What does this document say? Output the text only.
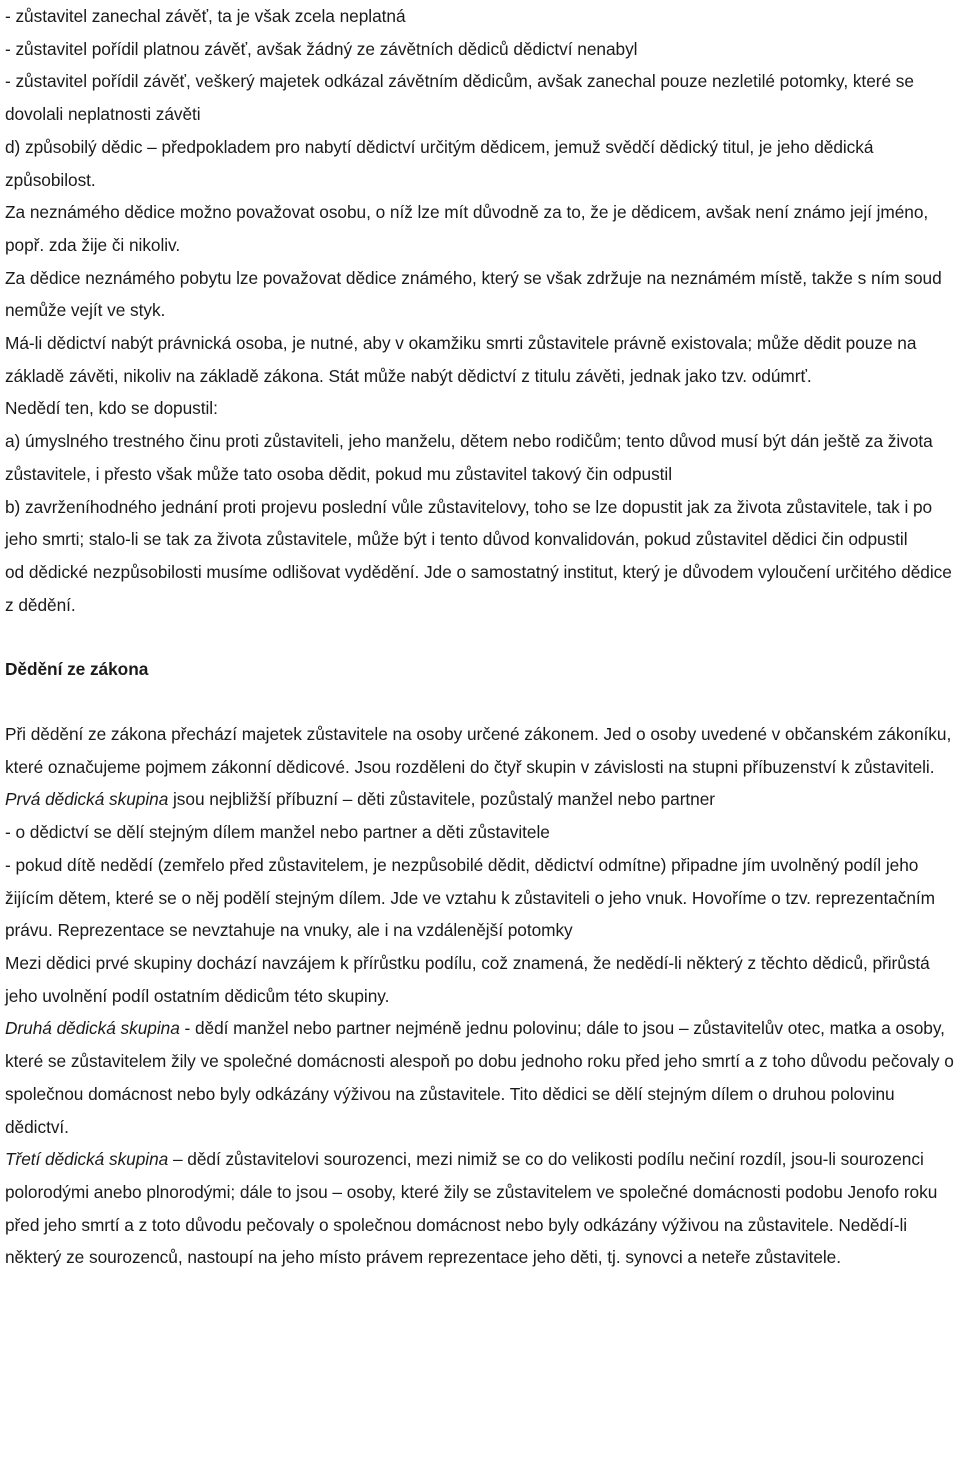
- zůstavitel zanechal závěť, ta je však zcela neplatná

- zůstavitel pořídil platnou závěť, avšak žádný ze závětních dědiců dědictví nenabyl

- zůstavitel pořídil závěť, veškerý majetek odkázal závětním dědicům, avšak zanechal pouze nezletilé potomky, které se dovolali neplatnosti závěti

d) způsobilý dědic – předpokladem pro nabytí dědictví určitým dědicem, jemuž svědčí dědický titul, je jeho dědická způsobilost.

Za neznámého dědice možno považovat osobu, o níž lze mít důvodně za to, že je dědicem, avšak není známo její jméno, popř. zda žije či nikoliv.

Za dědice neznámého pobytu lze považovat dědice známého, který se však zdržuje na neznámém místě, takže s ním soud nemůže vejít ve styk.

Má-li dědictví nabýt právnická osoba, je nutné, aby v okamžiku smrti zůstavitele právně existovala; může dědit pouze na základě závěti, nikoliv na základě zákona. Stát může nabýt dědictví z titulu závěti, jednak jako tzv. odúmrť.

Nedědí ten, kdo se dopustil:

a) úmyslného trestného činu proti zůstaviteli, jeho manželu, dětem nebo rodičům; tento důvod musí být dán ještě za života zůstavitele, i přesto však může tato osoba dědit, pokud mu zůstavitel takový čin odpustil

b) zavrženíhodného jednání proti projevu poslední vůle zůstavitelovy, toho se lze dopustit jak za života zůstavitele, tak i po jeho smrti; stalo-li se tak za života zůstavitele, může být i tento důvod konvalidován, pokud zůstavitel dědici čin odpustil

od dědické nezpůsobilosti musíme odlišovat vydědění. Jde o samostatný institut, který je důvodem vyloučení určitého dědice z dědění.

Dědění ze zákona

Při dědění ze zákona přechází majetek zůstavitele na osoby určené zákonem. Jed o osoby uvedené v občanském zákoníku, které označujeme pojmem zákonní dědicové. Jsou rozděleni do čtyř skupin v závislosti na stupni příbuzenství k zůstaviteli.

Prvá dědická skupina jsou nejbližší příbuzní – děti zůstavitele, pozůstalý manžel nebo partner

- o dědictví se dělí stejným dílem manžel nebo partner a děti zůstavitele

- pokud dítě nedědí (zemřelo před zůstavitelem, je nezpůsobilé dědit, dědictví odmítne) připadne jím uvolněný podíl jeho žijícím dětem, které se o něj podělí stejným dílem. Jde ve vztahu k zůstaviteli o jeho vnuk. Hovoříme o tzv. reprezentačním právu. Reprezentace se nevztahuje na vnuky, ale i na vzdálenější potomky

Mezi dědici prvé skupiny dochází navzájem k přírůstku podílu, což znamená, že nedědí-li některý z těchto dědiců, přirůstá jeho uvolnění podíl ostatním dědicům této skupiny.

Druhá dědická skupina - dědí manžel nebo partner nejméně jednu polovinu; dále to jsou – zůstavitelův otec, matka a osoby, které se zůstavitelem žily ve společné domácnosti alespoň po dobu jednoho roku před jeho smrtí a z toho důvodu pečovaly o společnou domácnost nebo byly odkázány výživou na zůstavitele. Tito dědici se dělí stejným dílem o druhou polovinu dědictví.

Třetí dědická skupina – dědí zůstavitelovi sourozenci, mezi nimiž se co do velikosti podílu nečiní rozdíl, jsou-li sourozenci polorodými anebo plnorodými; dále to jsou – osoby, které žily se zůstavitelem ve společné domácnosti podobu Jenofo roku před jeho smrtí a z toto důvodu pečovaly o společnou domácnost nebo byly odkázány výživou na zůstavitele. Nedědí-li některý ze sourozenců, nastoupí na jeho místo právem reprezentace jeho děti, tj. synovci a neteře zůstavitele.
